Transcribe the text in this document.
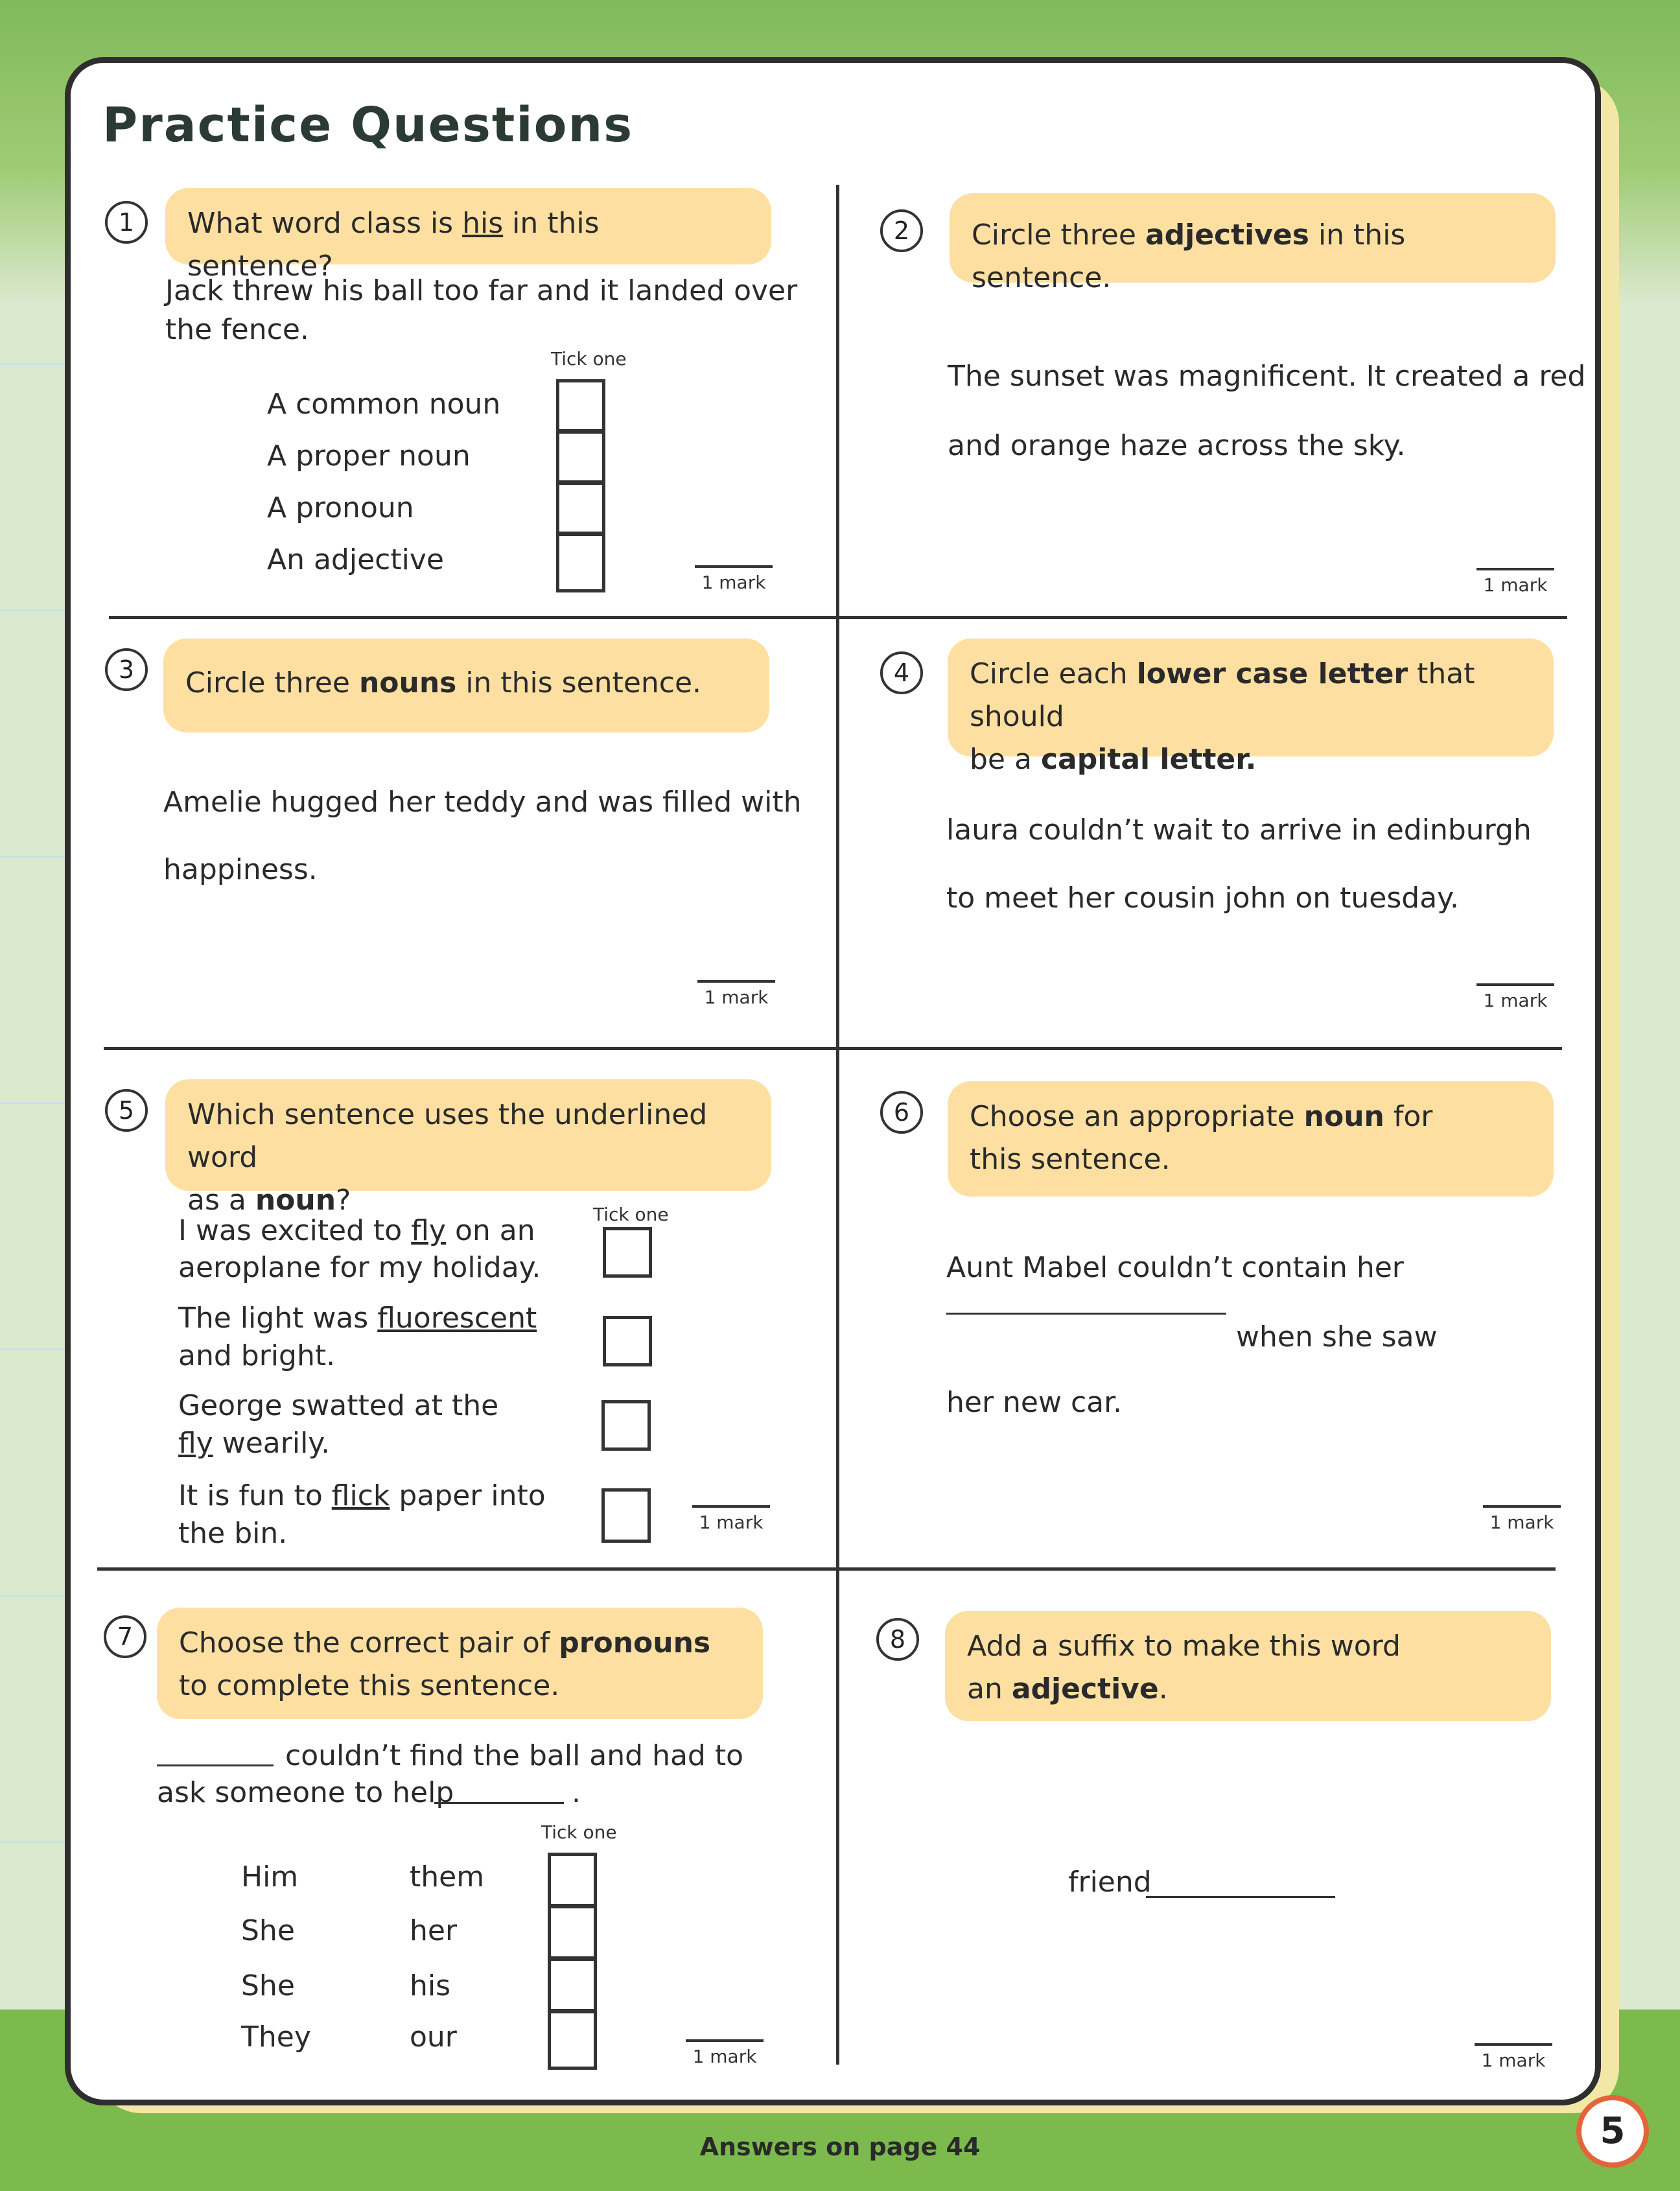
Practice Questions
1	What word class is his in this sentence?
Jack threw his ball too far and it landed over
the fence.
Tick one
A common noun
A proper noun
A pronoun
An adjective
1 mark
2	Circle three adjectives in this sentence.
The sunset was magnificent. It created a red
and orange haze across the sky.
1 mark
3	Circle three nouns in this sentence.
Amelie hugged her teddy and was filled with
happiness.
1 mark
4	Circle each lower case letter that should
be a capital letter.
laura couldn’t wait to arrive in edinburgh
to meet her cousin john on tuesday.
1 mark
5	Which sentence uses the underlined word
as a noun?	Tick one
I was excited to fly on an
aeroplane for my holiday.
The light was fluorescent
and bright.
George swatted at the
fly wearily.
It is fun to flick paper into
the bin.	1 mark
6	Choose an appropriate noun for
this sentence.
Aunt Mabel couldn’t contain her
when she saw
her new car.
1 mark
7	Choose the correct pair of pronouns
to complete this sentence.
couldn’t find the ball and had to
ask someone to help	.
Tick one
Him	them
She	her
She	his
They	our
1 mark
8	Add a suffix to make this word
an adjective.
friend
1 mark
Answers on page 44	5
